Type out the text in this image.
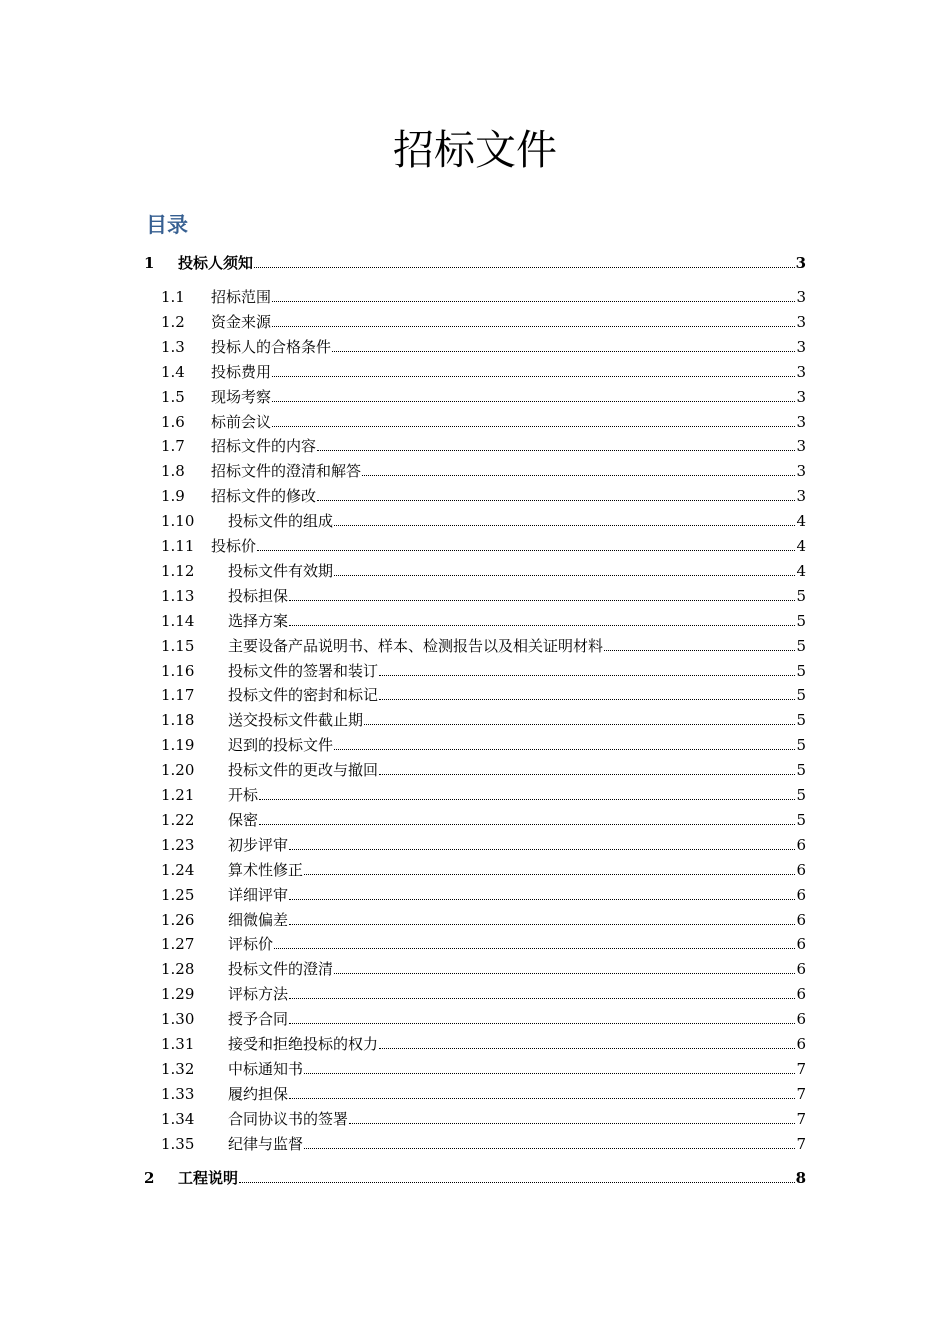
招标文件
目录
1	投标人须知	3
1.1	招标范围	3
1.2	资金来源	3
1.3	投标人的合格条件	3
1.4	投标费用	3
1.5	现场考察	3
1.6	标前会议	3
1.7	招标文件的内容	3
1.8	招标文件的澄清和解答	3
1.9	招标文件的修改	3
1.10	投标文件的组成	4
1.11	投标价	4
1.12	投标文件有效期	4
1.13	投标担保	5
1.14	选择方案	5
1.15	主要设备产品说明书、样本、检测报告以及相关证明材料	5
1.16	投标文件的签署和装订	5
1.17	投标文件的密封和标记	5
1.18	送交投标文件截止期	5
1.19	迟到的投标文件	5
1.20	投标文件的更改与撤回	5
1.21	开标	5
1.22	保密	5
1.23	初步评审	6
1.24	算术性修正	6
1.25	详细评审	6
1.26	细微偏差	6
1.27	评标价	6
1.28	投标文件的澄清	6
1.29	评标方法	6
1.30	授予合同	6
1.31	接受和拒绝投标的权力	6
1.32	中标通知书	7
1.33	履约担保	7
1.34	合同协议书的签署	7
1.35	纪律与监督	7
2	工程说明	8
